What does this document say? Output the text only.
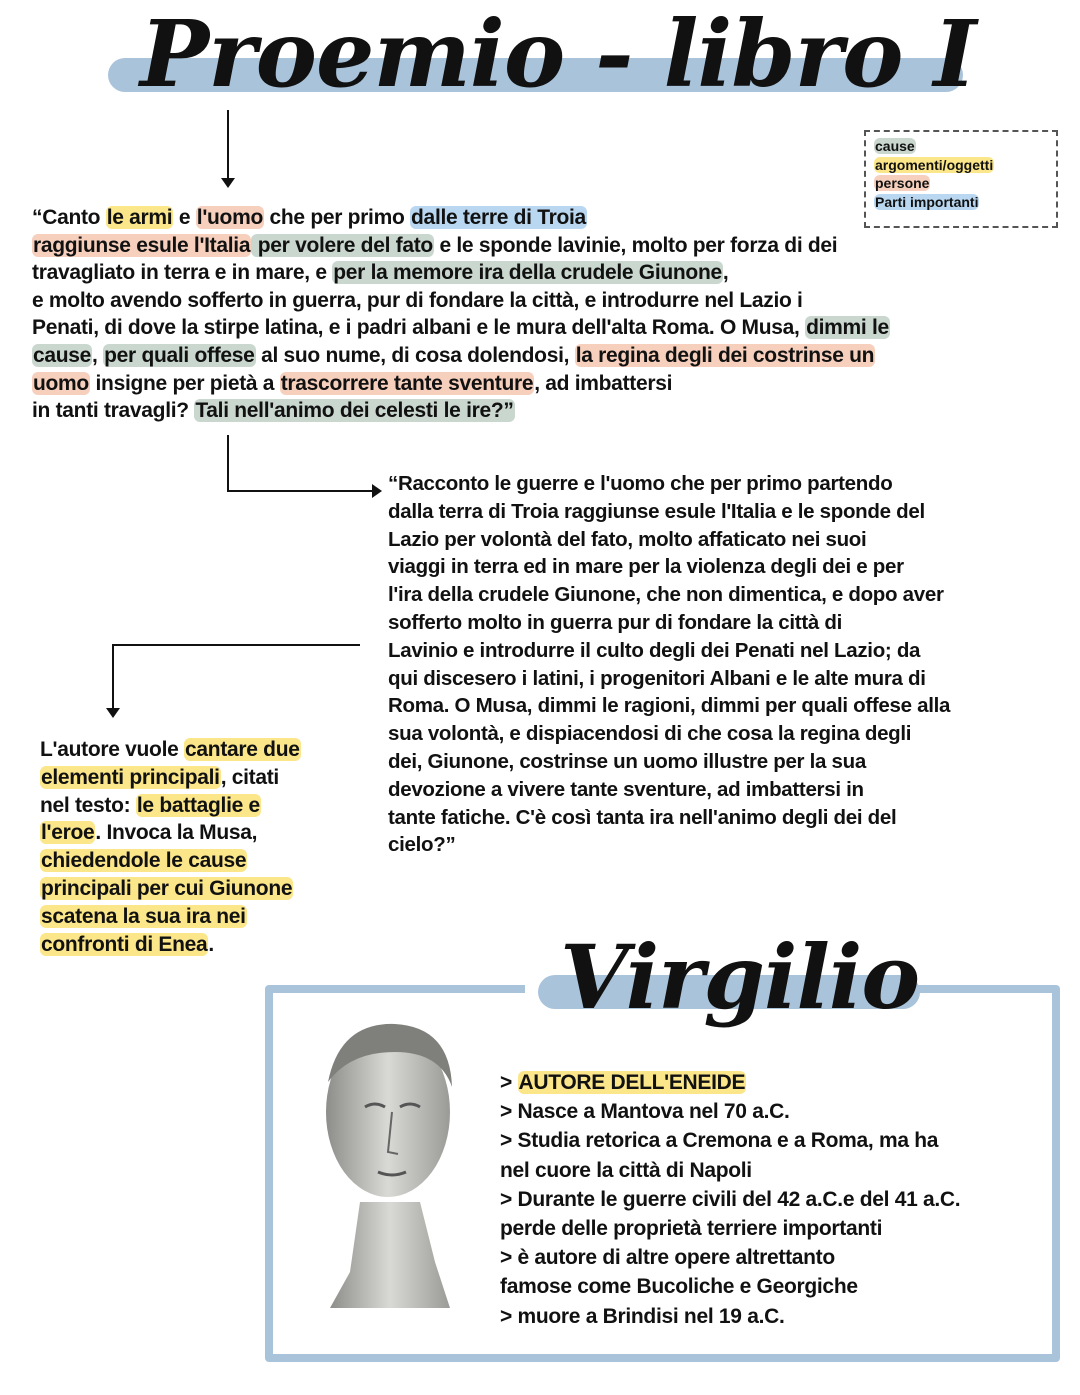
Proemio - libro I
cause
argomenti/oggetti
persone
Parti importanti
“Canto le armi e l'uomo che per primo dalle terre di Troia
raggiunse esule l'Italia per volere del fato e le sponde lavinie, molto per forza di dei
travagliato in terra e in mare, e per la memore ira della crudele Giunone,
e molto avendo sofferto in guerra, pur di fondare la città, e introdurre nel Lazio i
Penati, di dove la stirpe latina, e i padri albani e le mura dell'alta Roma. O Musa, dimmi le
cause, per quali offese al suo nume, di cosa dolendosi, la regina degli dei costrinse un
uomo insigne per pietà a trascorrere tante sventure, ad imbattersi
in tanti travagli? Tali nell'animo dei celesti le ire?”
“Racconto le guerre e l'uomo che per primo partendo
dalla terra di Troia raggiunse esule l'Italia e le sponde del
Lazio per volontà del fato, molto affaticato nei suoi
viaggi in terra ed in mare per la violenza degli dei e per
l'ira della crudele Giunone, che non dimentica, e dopo aver
sofferto molto in guerra pur di fondare la città di
Lavinio e introdurre il culto degli dei Penati nel Lazio; da
qui discesero i latini, i progenitori Albani e le alte mura di
Roma. O Musa, dimmi le ragioni, dimmi per quali offese alla
sua volontà, e dispiacendosi di che cosa la regina degli
dei, Giunone, costrinse un uomo illustre per la sua
devozione a vivere tante sventure, ad imbattersi in
tante fatiche. C'è così tanta ira nell'animo degli dei del
cielo?”
L'autore vuole cantare due
elementi principali, citati
nel testo: le battaglie e
l'eroe. Invoca la Musa,
chiedendole le cause
principali per cui Giunone
scatena la sua ira nei
confronti di Enea.	Virgilio
> AUTORE DELL'ENEIDE
> Nasce a Mantova nel 70 a.C.
> Studia retorica a Cremona e a Roma, ma ha
nel cuore la città di Napoli
> Durante le guerre civili del 42 a.C.e del 41 a.C.
perde delle proprietà terriere importanti
> è autore di altre opere altrettanto
famose come Bucoliche e Georgiche
> muore a Brindisi nel 19 a.C.
